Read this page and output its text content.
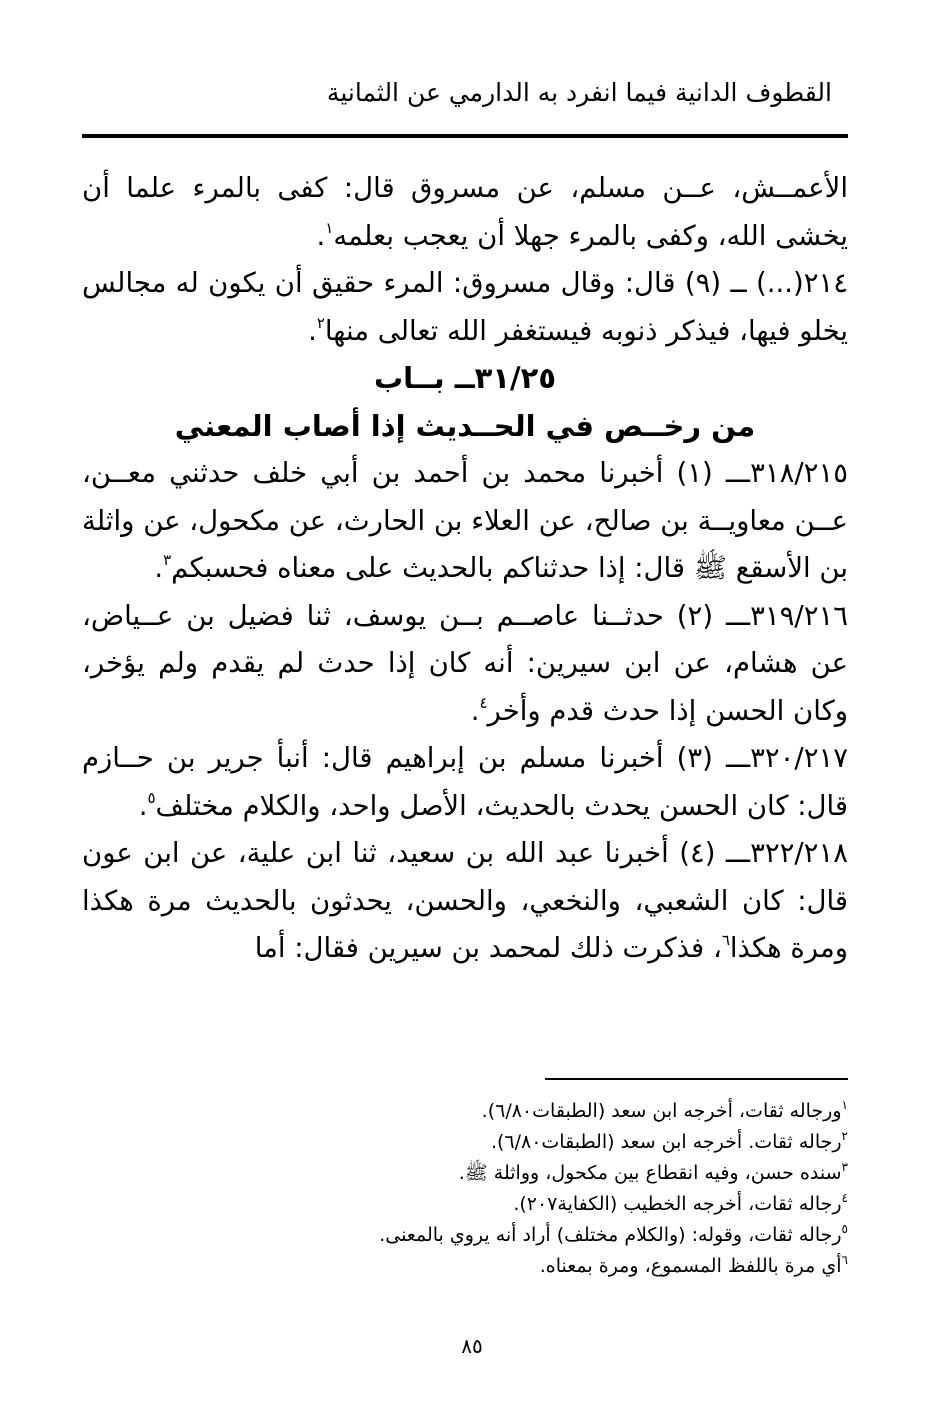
القطوف الدانية فيما انفرد به الدارمي عن الثمانية

الأعمــش، عــن مسلم، عن مسروق قال: كفى بالمرء علما أن يخشى الله، وكفى بالمرء جهلا أن يعجب بعلمه$^١$.

٢١٤(...) ــ (٩) قال: وقال مسروق: المرء حقيق أن يكون له مجالس يخلو فيها، فيذكر ذنوبه فيستغفر الله تعالى منها$^٢$.

٣١/٢٥ــ بــاب

من رخــص في الحــديث إذا أصاب المعني

٣١٨/٢١٥ـــ (١) أخبرنا محمد بن أحمد بن أبي خلف حدثني معــن، عــن معاويــة بن صالح، عن العلاء بن الحارث، عن مكحول، عن واثلة بن الأسقع ﷺ قال: إذا حدثناكم بالحديث على معناه فحسبكم$^٣$.

٣١٩/٢١٦ـــ (٢) حدثــنا عاصــم بــن يوسف، ثنا فضيل بن عــياض، عن هشام، عن ابن سيرين: أنه كان إذا حدث لم يقدم ولم يؤخر، وكان الحسن إذا حدث قدم وأخر$^٤$.

٣٢٠/٢١٧ـــ (٣) أخبرنا مسلم بن إبراهيم قال: أنبأ جرير بن حــازم قال: كان الحسن يحدث بالحديث، الأصل واحد، والكلام مختلف$^٥$.

٣٢٢/٢١٨ـــ (٤) أخبرنا عبد الله بن سعيد، ثنا ابن علية، عن ابن عون قال: كان الشعبي، والنخعي، والحسن، يحدثون بالحديث مرة هكذا ومرة هكذا$^٦$، فذكرت ذلك لمحمد بن سيرين فقال: أما

$^١$ورجاله ثقات، أخرجه ابن سعد (الطبقات٦/٨٠).

$^٢$رجاله ثقات. أخرجه ابن سعد (الطبقات٦/٨٠).

$^٣$سنده حسن، وفيه انقطاع بين مكحول، وواثلة ﷺ.

$^٤$رجاله ثقات، أخرجه الخطيب (الكفاية٢٠٧).

$^٥$رجاله ثقات، وقوله: (والكلام مختلف) أراد أنه يروي بالمعنى.

$^٦$أي مرة باللفظ المسموع، ومرة بمعناه.

٨٥
